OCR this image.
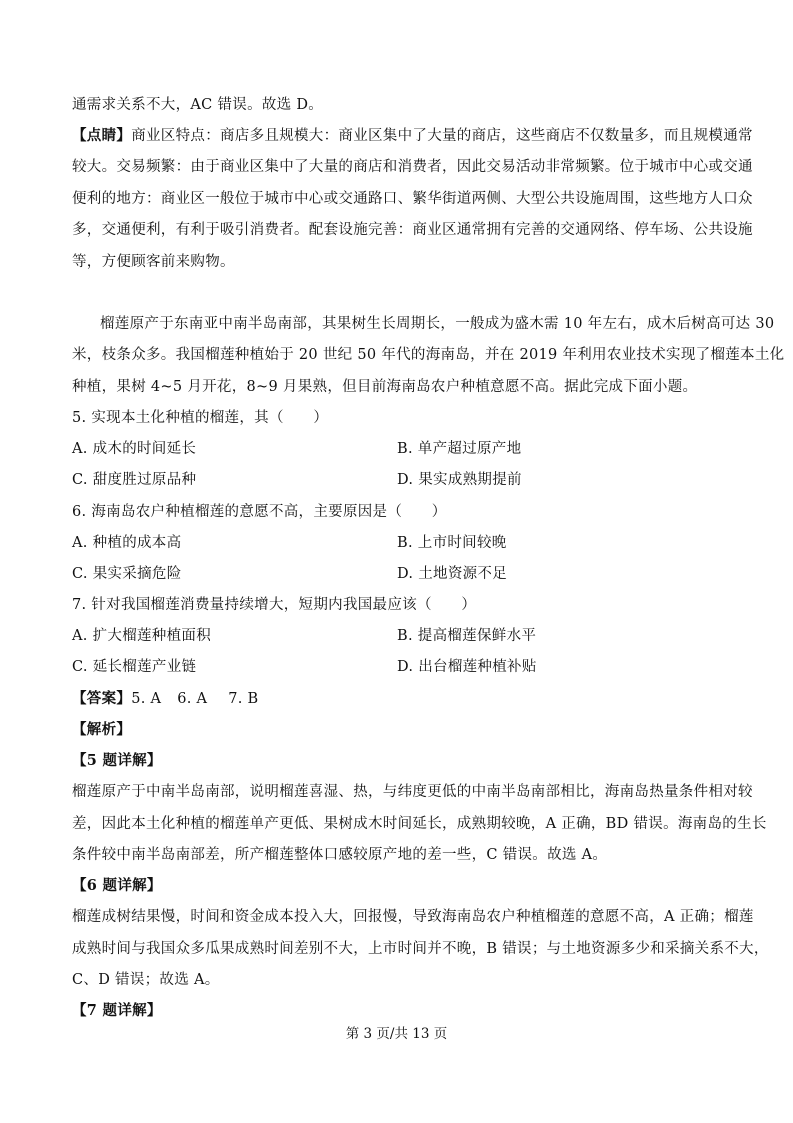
通需求关系不大，AC 错误。故选 D。
【点睛】商业区特点：商店多且规模大：商业区集中了大量的商店，这些商店不仅数量多，而且规模通常
较大。交易频繁：由于商业区集中了大量的商店和消费者，因此交易活动非常频繁。位于城市中心或交通
便利的地方：商业区一般位于城市中心或交通路口、繁华街道两侧、大型公共设施周围，这些地方人口众
多，交通便利，有利于吸引消费者。配套设施完善：商业区通常拥有完善的交通网络、停车场、公共设施
等，方便顾客前来购物。
榴莲原产于东南亚中南半岛南部，其果树生长周期长，一般成为盛木需 10 年左右，成木后树高可达 30
米，枝条众多。我国榴莲种植始于 20 世纪 50 年代的海南岛，并在 2019 年利用农业技术实现了榴莲本土化
种植，果树 4~5 月开花，8~9 月果熟，但目前海南岛农户种植意愿不高。据此完成下面小题。
5. 实现本土化种植的榴莲，其（　　）
A. 成木的时间延长	B. 单产超过原产地
C. 甜度胜过原品种	D. 果实成熟期提前
6. 海南岛农户种植榴莲的意愿不高，主要原因是（　　）
A. 种植的成本高	B. 上市时间较晚
C. 果实采摘危险	D. 土地资源不足
7. 针对我国榴莲消费量持续增大，短期内我国最应该（　　）
A. 扩大榴莲种植面积	B. 提高榴莲保鲜水平
C. 延长榴莲产业链	D. 出台榴莲种植补贴
【答案】5. A 6. A 7. B
【解析】
【5 题详解】
榴莲原产于中南半岛南部，说明榴莲喜湿、热，与纬度更低的中南半岛南部相比，海南岛热量条件相对较
差，因此本土化种植的榴莲单产更低、果树成木时间延长，成熟期较晚，A 正确，BD 错误。海南岛的生长
条件较中南半岛南部差，所产榴莲整体口感较原产地的差一些，C 错误。故选 A。
【6 题详解】
榴莲成树结果慢，时间和资金成本投入大，回报慢，导致海南岛农户种植榴莲的意愿不高，A 正确；榴莲
成熟时间与我国众多瓜果成熟时间差别不大，上市时间并不晚，B 错误；与土地资源多少和采摘关系不大，
C、D 错误；故选 A。
【7 题详解】
第 3 页/共 13 页
